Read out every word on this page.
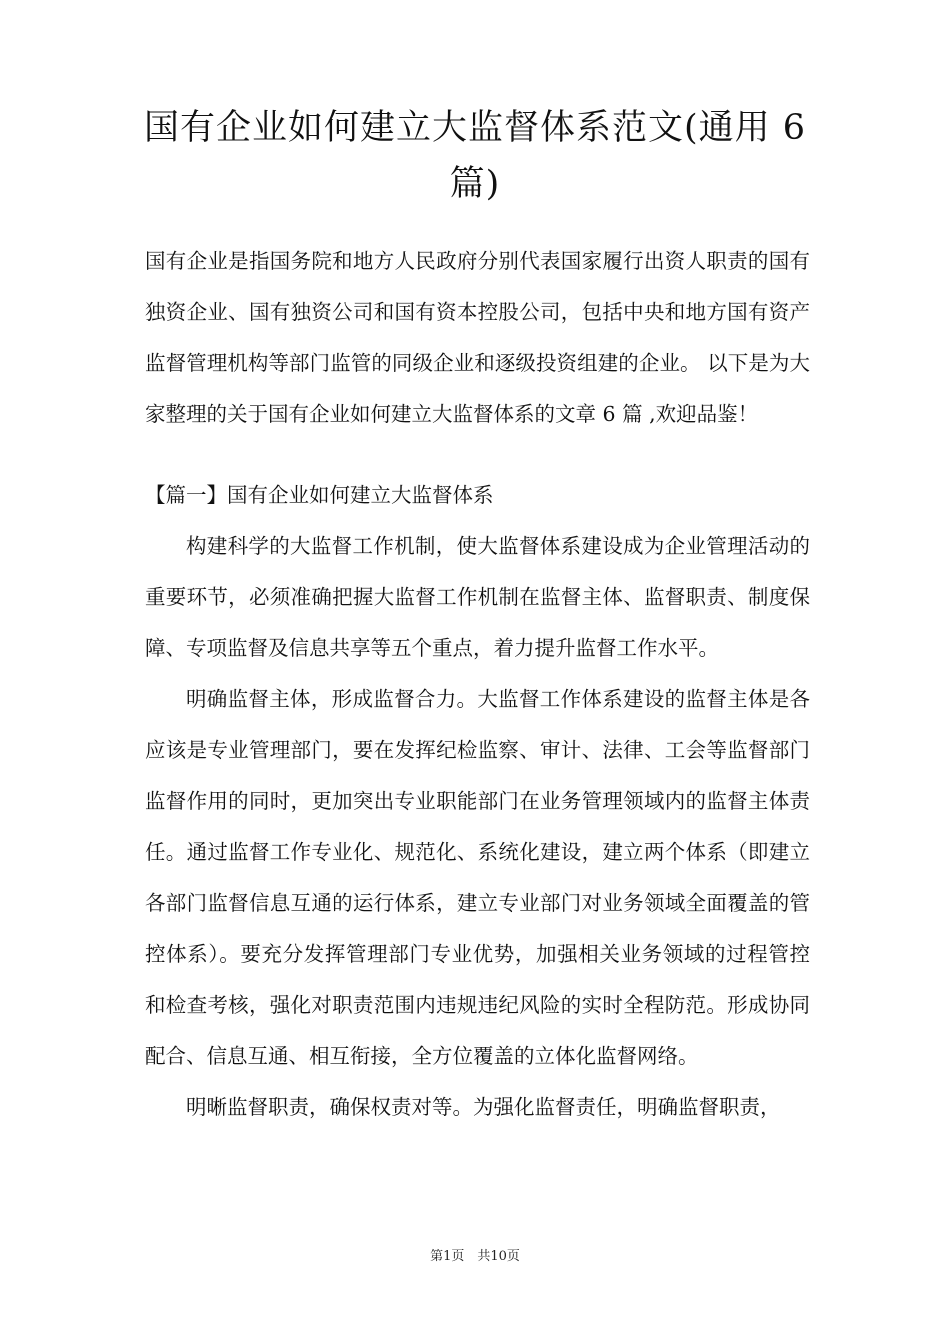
国有企业如何建立大监督体系范文(通用 6 篇)

国有企业是指国务院和地方人民政府分别代表国家履行出资人职责的国有独资企业、国有独资公司和国有资本控股公司，包括中央和地方国有资产监督管理机构等部门监管的同级企业和逐级投资组建的企业。 以下是为大家整理的关于国有企业如何建立大监督体系的文章 6 篇 ,欢迎品鉴！

【篇一】国有企业如何建立大监督体系

构建科学的大监督工作机制，使大监督体系建设成为企业管理活动的重要环节，必须准确把握大监督工作机制在监督主体、监督职责、制度保障、专项监督及信息共享等五个重点，着力提升监督工作水平。

明确监督主体，形成监督合力。大监督工作体系建设的监督主体是各应该是专业管理部门，要在发挥纪检监察、审计、法律、工会等监督部门监督作用的同时，更加突出专业职能部门在业务管理领域内的监督主体责任。通过监督工作专业化、规范化、系统化建设，建立两个体系（即建立各部门监督信息互通的运行体系，建立专业部门对业务领域全面覆盖的管控体系）。要充分发挥管理部门专业优势，加强相关业务领域的过程管控和检查考核，强化对职责范围内违规违纪风险的实时全程防范。形成协同配合、信息互通、相互衔接，全方位覆盖的立体化监督网络。

明晰监督职责，确保权责对等。为强化监督责任，明确监督职责，

第1页　共10页
